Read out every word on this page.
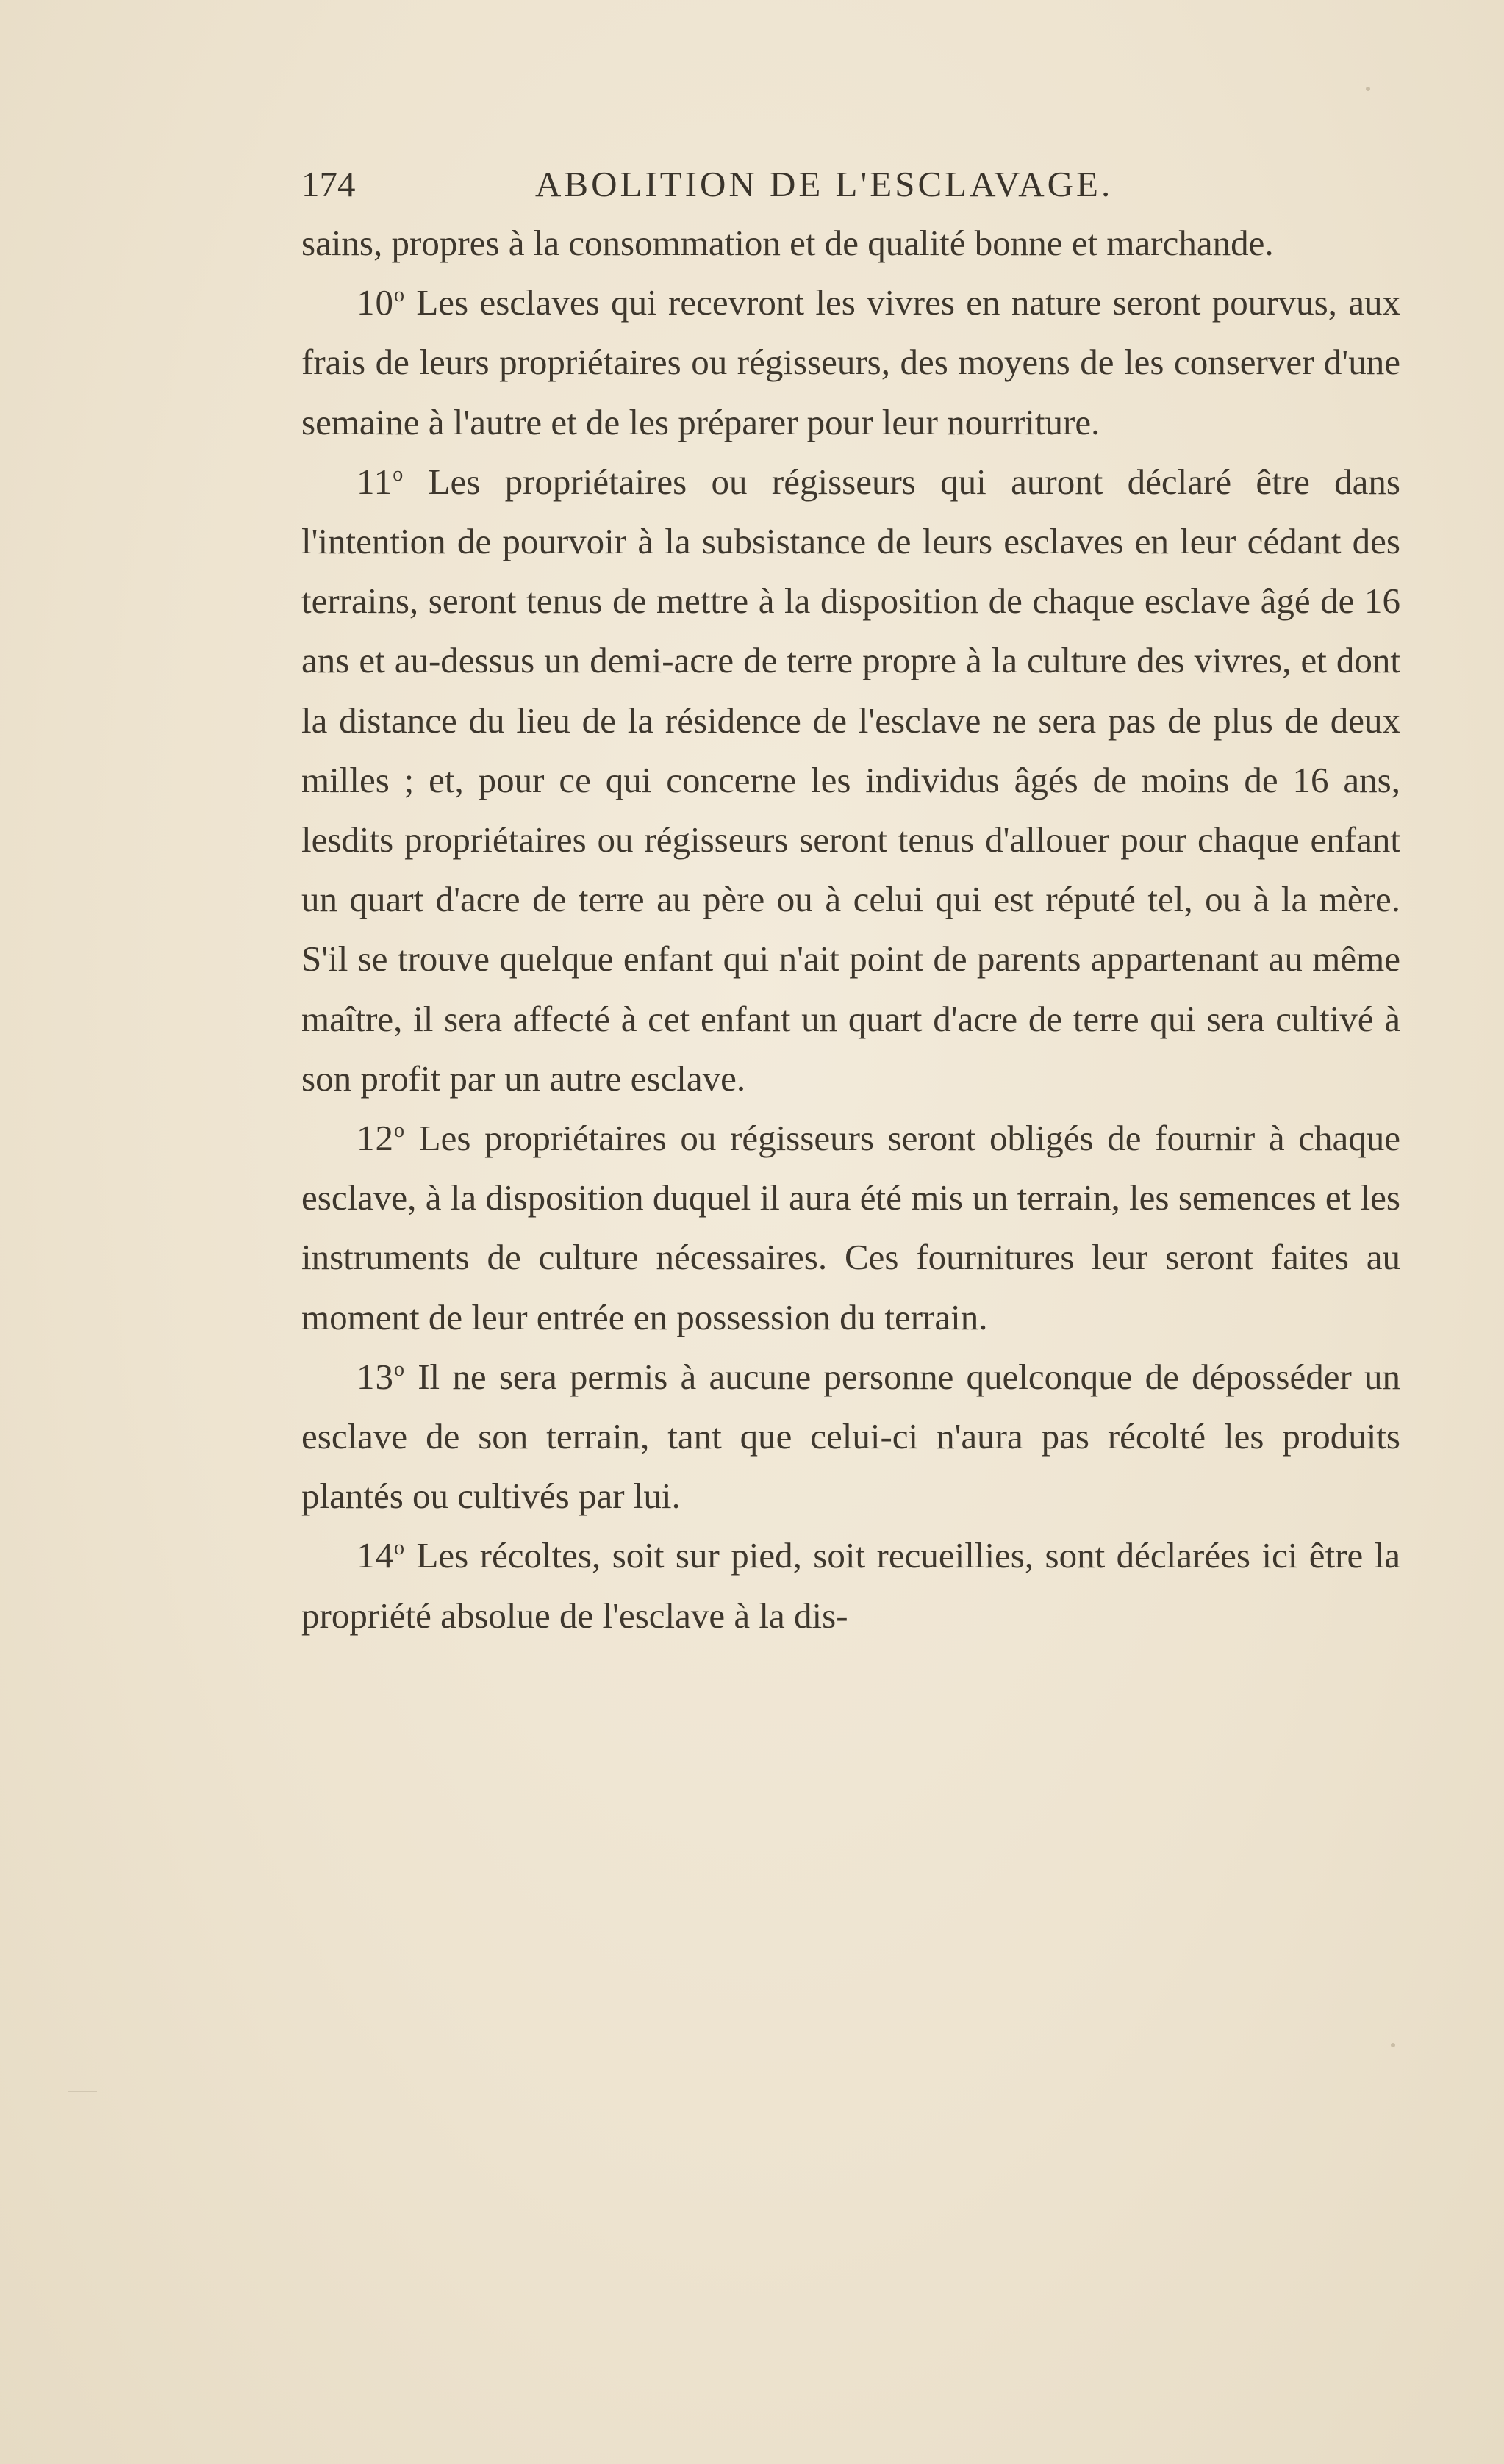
174	ABOLITION DE L'ESCLAVAGE.

sains, propres à la consommation et de qualité bonne et marchande.

10$^o$ Les esclaves qui recevront les vivres en nature seront pourvus, aux frais de leurs propriétaires ou régisseurs, des moyens de les conserver d'une semaine à l'autre et de les préparer pour leur nourriture.

11$^o$ Les propriétaires ou régisseurs qui auront déclaré être dans l'intention de pourvoir à la subsistance de leurs esclaves en leur cédant des terrains, seront tenus de mettre à la disposition de chaque esclave âgé de 16 ans et au-dessus un demi-acre de terre propre à la culture des vivres, et dont la distance du lieu de la résidence de l'esclave ne sera pas de plus de deux milles ; et, pour ce qui concerne les individus âgés de moins de 16 ans, lesdits propriétaires ou régisseurs seront tenus d'allouer pour chaque enfant un quart d'acre de terre au père ou à celui qui est réputé tel, ou à la mère. S'il se trouve quelque enfant qui n'ait point de parents appartenant au même maître, il sera affecté à cet enfant un quart d'acre de terre qui sera cultivé à son profit par un autre esclave.

12$^o$ Les propriétaires ou régisseurs seront obligés de fournir à chaque esclave, à la disposition duquel il aura été mis un terrain, les semences et les instruments de culture nécessaires. Ces fournitures leur seront faites au moment de leur entrée en possession du terrain.

13$^o$ Il ne sera permis à aucune personne quelconque de déposséder un esclave de son terrain, tant que celui-ci n'aura pas récolté les produits plantés ou cultivés par lui.

14$^o$ Les récoltes, soit sur pied, soit recueillies, sont déclarées ici être la propriété absolue de l'esclave à la dis-
